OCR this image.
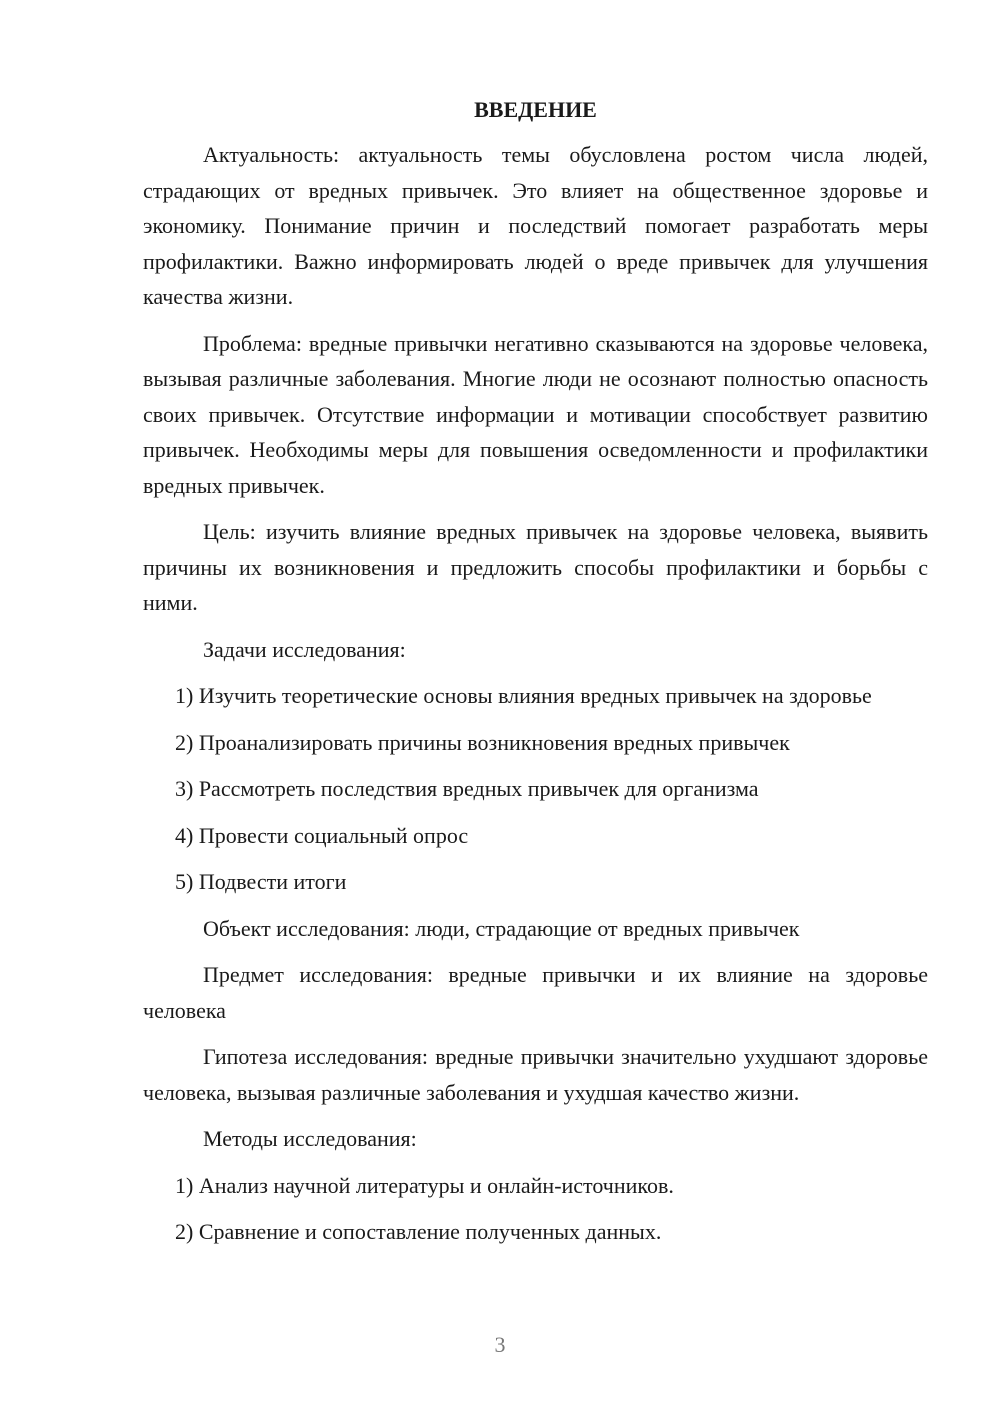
ВВЕДЕНИЕ

Актуальность: актуальность темы обусловлена ростом числа людей, страдающих от вредных привычек. Это влияет на общественное здоровье и экономику. Понимание причин и последствий помогает разработать меры профилактики. Важно информировать людей о вреде привычек для улучшения качества жизни.

Проблема: вредные привычки негативно сказываются на здоровье человека, вызывая различные заболевания. Многие люди не осознают полностью опасность своих привычек. Отсутствие информации и мотивации способствует развитию привычек. Необходимы меры для повышения осведомленности и профилактики вредных привычек.

Цель: изучить влияние вредных привычек на здоровье человека, выявить причины их возникновения и предложить способы профилактики и борьбы с ними.

Задачи исследования:

1) Изучить теоретические основы влияния вредных привычек на здоровье

2) Проанализировать причины возникновения вредных привычек

3) Рассмотреть последствия вредных привычек для организма

4) Провести социальный опрос

5) Подвести итоги

Объект исследования: люди, страдающие от вредных привычек

Предмет исследования: вредные привычки и их влияние на здоровье человека

Гипотеза исследования: вредные привычки значительно ухудшают здоровье человека, вызывая различные заболевания и ухудшая качество жизни.

Методы исследования:

1) Анализ научной литературы и онлайн-источников.

2) Сравнение и сопоставление полученных данных.

3
